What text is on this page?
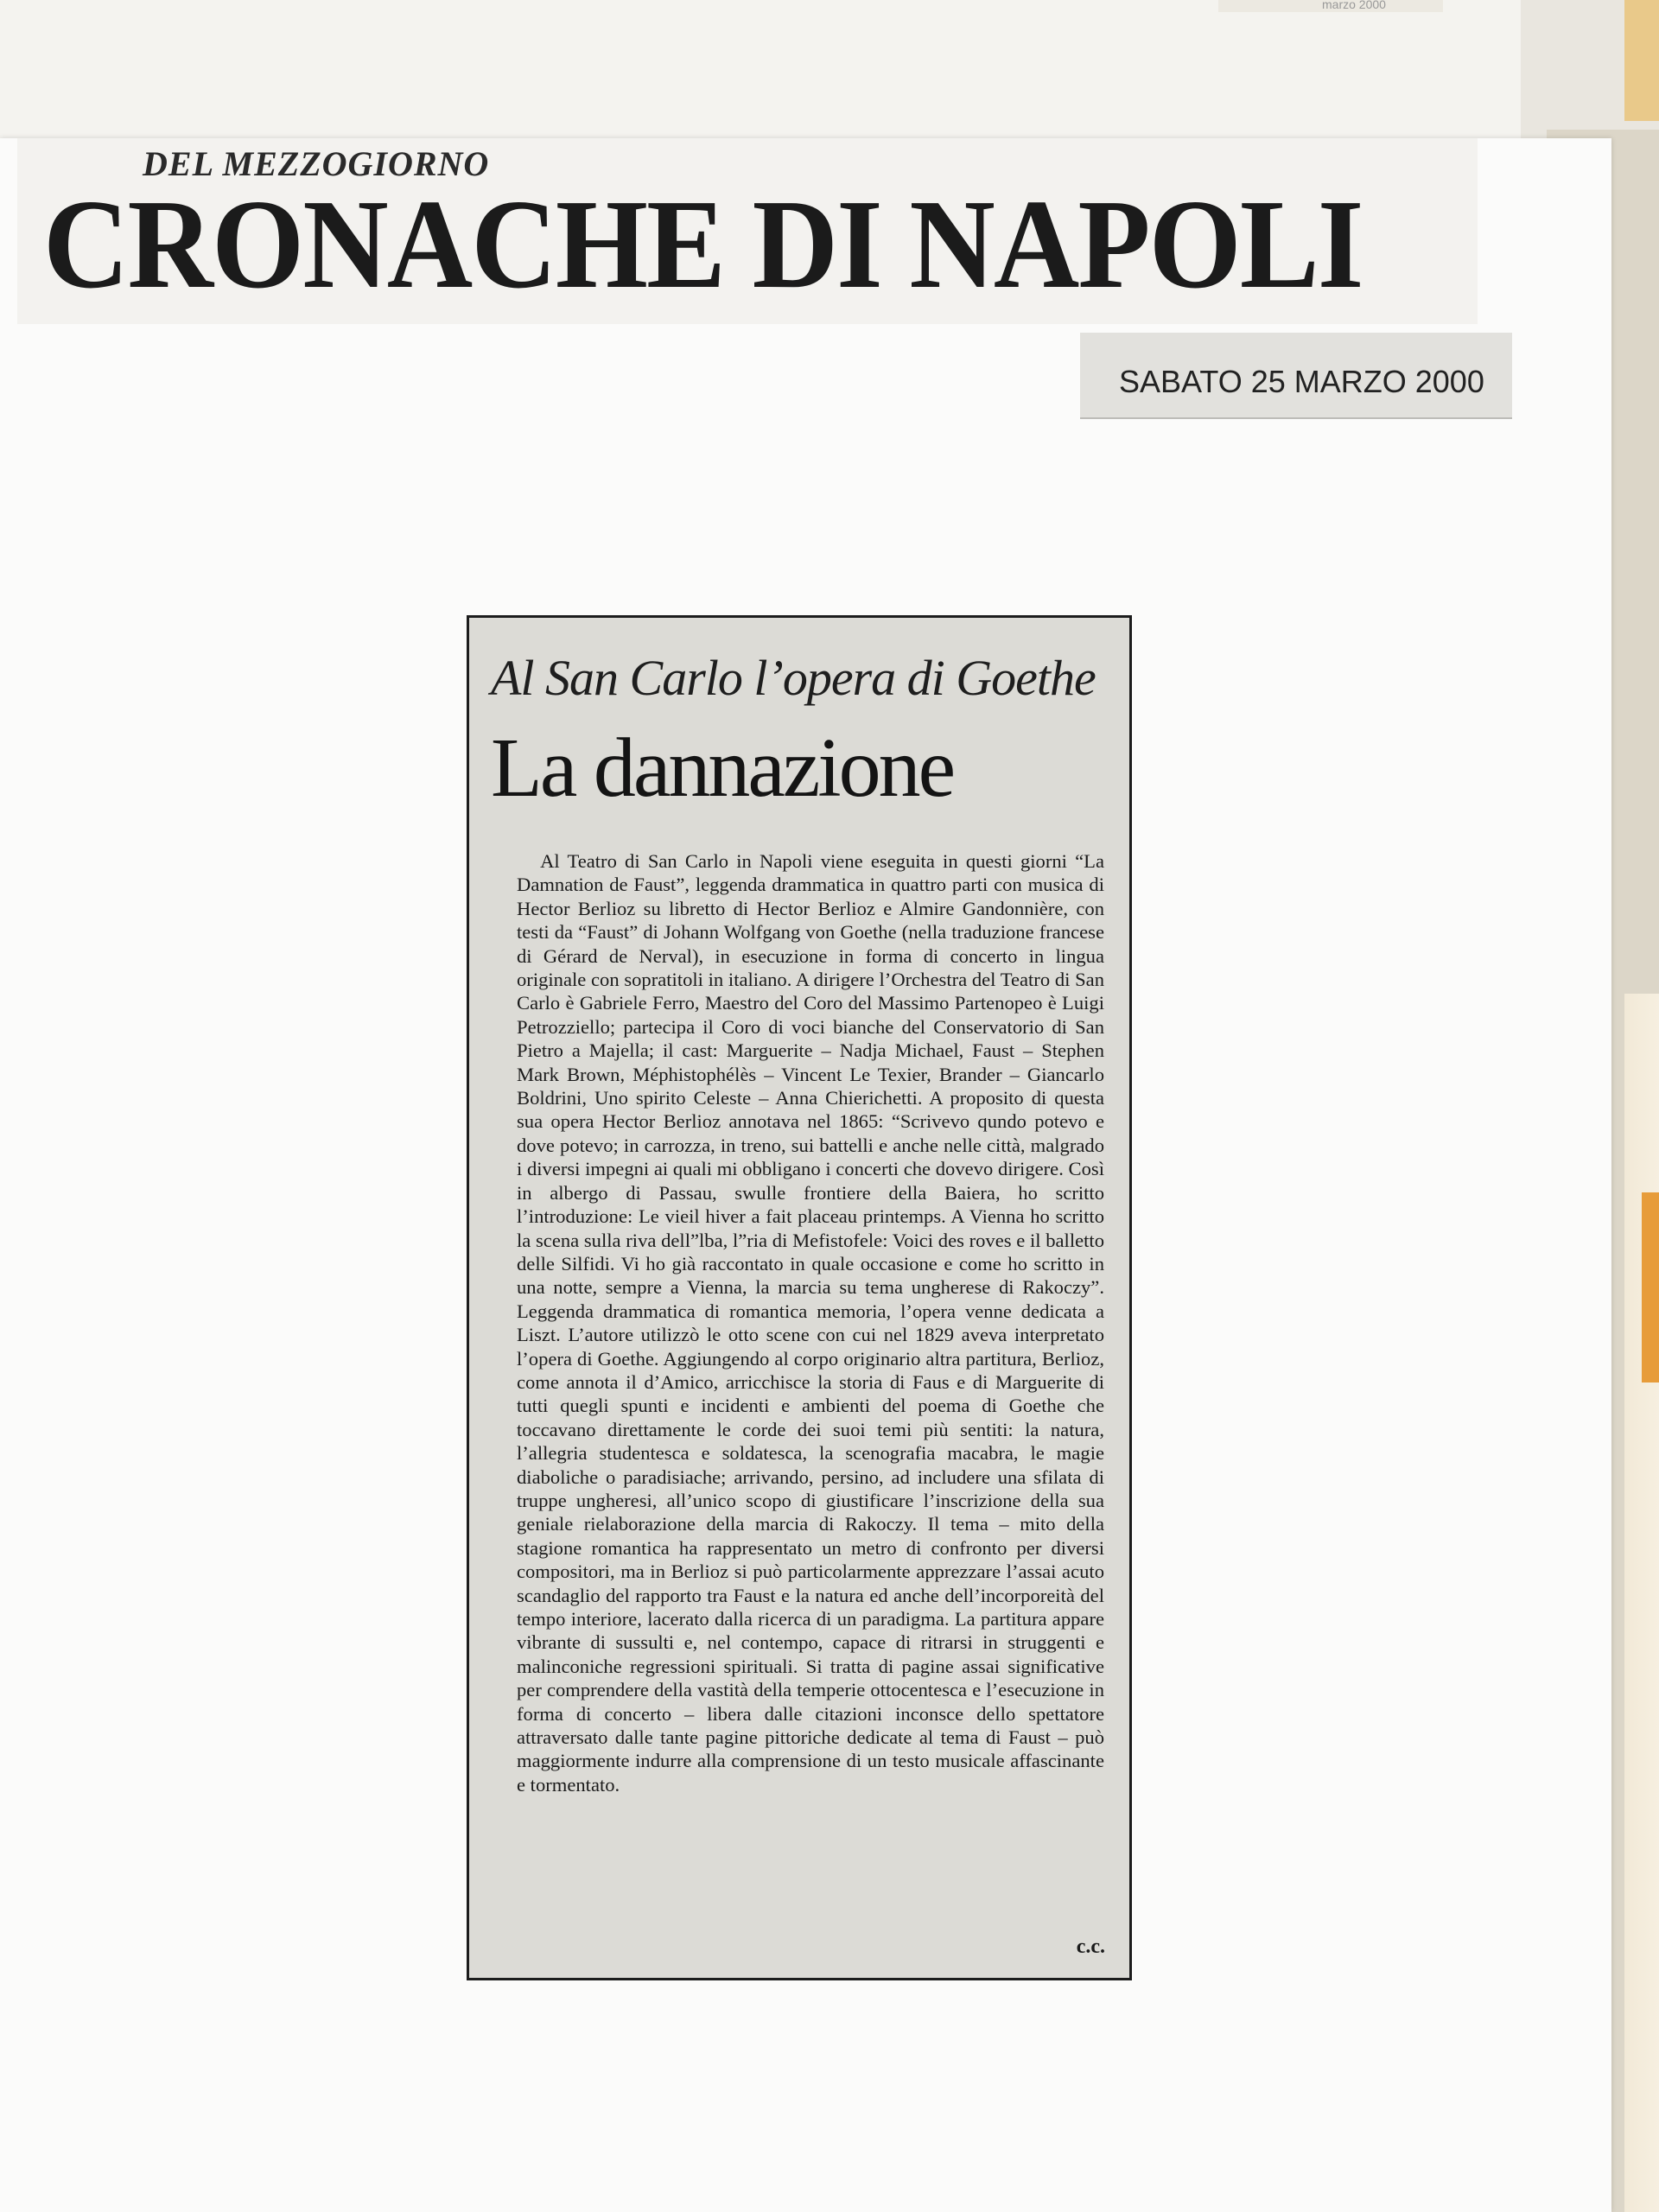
marzo 2000
DEL MEZZOGIORNO
CRONACHE DI NAPOLI
SABATO 25 MARZO 2000
Al San Carlo l’opera di Goethe
La dannazione
Al Teatro di San Carlo in Napoli viene eseguita in questi giorni “La Damnation de Faust”, leggenda drammatica in quattro parti con musica di Hector Berlioz su libretto di Hector Berlioz e Almire Gandonnière, con testi da “Faust” di Johann Wolfgang von Goethe (nella traduzione francese di Gérard de Nerval), in esecuzione in forma di concerto in lingua originale con sopratitoli in italiano. A dirigere l’Orchestra del Teatro di San Carlo è Gabriele Ferro, Maestro del Coro del Massimo Partenopeo è Luigi Petrozziello; partecipa il Coro di voci bianche del Conservatorio di San Pietro a Majella; il cast: Marguerite – Nadja Michael, Faust – Stephen Mark Brown, Méphistophélès – Vincent Le Texier, Brander – Giancarlo Boldrini, Uno spirito Celeste – Anna Chierichetti. A proposito di questa sua opera Hector Berlioz annotava nel 1865: “Scrivevo qundo potevo e dove potevo; in carrozza, in treno, sui battelli e anche nelle città, malgrado i diversi impegni ai quali mi obbligano i concerti che dovevo dirigere. Così in albergo di Passau, swulle frontiere della Baiera, ho scritto l’introduzione: Le vieil hiver a fait placeau printemps. A Vienna ho scritto la scena sulla riva dell”lba, l”ria di Mefistofele: Voici des roves e il balletto delle Silfidi. Vi ho già raccontato in quale occasione e come ho scritto in una notte, sempre a Vienna, la marcia su tema ungherese di Rakoczy”. Leggenda drammatica di romantica memoria, l’opera venne dedicata a Liszt. L’autore utilizzò le otto scene con cui nel 1829 aveva interpretato l’opera di Goethe. Aggiungendo al corpo originario altra partitura, Berlioz, come annota il d’Amico, arricchisce la storia di Faus e di Marguerite di tutti quegli spunti e incidenti e ambienti del poema di Goethe che toccavano direttamente le corde dei suoi temi più sentiti: la natura, l’allegria studentesca e soldatesca, la scenografia macabra, le magie diaboliche o paradisiache; arrivando, persino, ad includere una sfilata di truppe ungheresi, all’unico scopo di giustificare l’inscrizione della sua geniale rielaborazione della marcia di Rakoczy. Il tema – mito della stagione romantica ha rappresentato un metro di confronto per diversi compositori, ma in Berlioz si può particolarmente apprezzare l’assai acuto scandaglio del rapporto tra Faust e la natura ed anche dell’incorporeità del tempo interiore, lacerato dalla ricerca di un paradigma. La partitura appare vibrante di sussulti e, nel contempo, capace di ritrarsi in struggenti e malinconiche regressioni spirituali. Si tratta di pagine assai significative per comprendere della vastità della temperie ottocentesca e l’esecuzione in forma di concerto – libera dalle citazioni inconsce dello spettatore attraversato dalle tante pagine pittoriche dedicate al tema di Faust – può maggiormente indurre alla comprensione di un testo musicale affascinante e tormentato.
c.c.
